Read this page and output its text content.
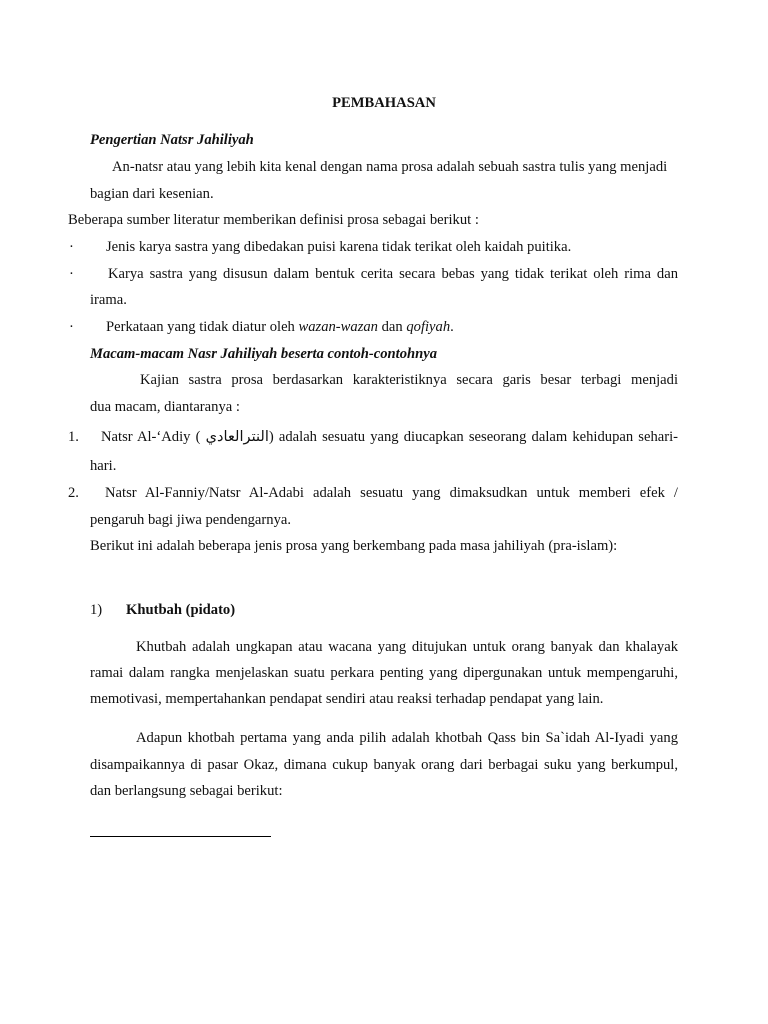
PEMBAHASAN
Pengertian Natsr Jahiliyah
An-natsr atau yang lebih kita kenal dengan nama prosa adalah sebuah sastra tulis yang menjadi
bagian dari kesenian.
Beberapa sumber literatur memberikan definisi prosa sebagai berikut :
· Jenis karya sastra yang dibedakan puisi karena tidak terikat oleh kaidah puitika.
· Karya sastra yang disusun dalam bentuk cerita secara bebas yang tidak terikat oleh rima dan
irama.
· Perkataan yang tidak diatur oleh wazan-wazan dan qofiyah.
Macam-macam Nasr Jahiliyah beserta contoh-contohnya
Kajian sastra prosa berdasarkan karakteristiknya secara garis besar terbagi menjadi
dua macam, diantaranya :
1. Natsr Al-‘Adiy ( النترالعادي) adalah sesuatu yang diucapkan seseorang dalam kehidupan sehari-
hari.
2. Natsr Al-Fanniy/Natsr Al-Adabi adalah sesuatu yang dimaksudkan untuk memberi efek /
pengaruh bagi jiwa pendengarnya.
Berikut ini adalah beberapa jenis prosa yang berkembang pada masa jahiliyah (pra-islam):
1) Khutbah (pidato)
Khutbah adalah ungkapan atau wacana yang ditujukan untuk orang banyak dan khalayak
ramai dalam rangka menjelaskan suatu perkara penting yang dipergunakan untuk mempengaruhi,
memotivasi, mempertahankan pendapat sendiri atau reaksi terhadap pendapat yang lain.
Adapun khotbah pertama yang anda pilih adalah khotbah Qass bin Sa`idah Al-Iyadi yang
disampaikannya di pasar Okaz, dimana cukup banyak orang dari berbagai suku yang berkumpul,
dan berlangsung sebagai berikut:
